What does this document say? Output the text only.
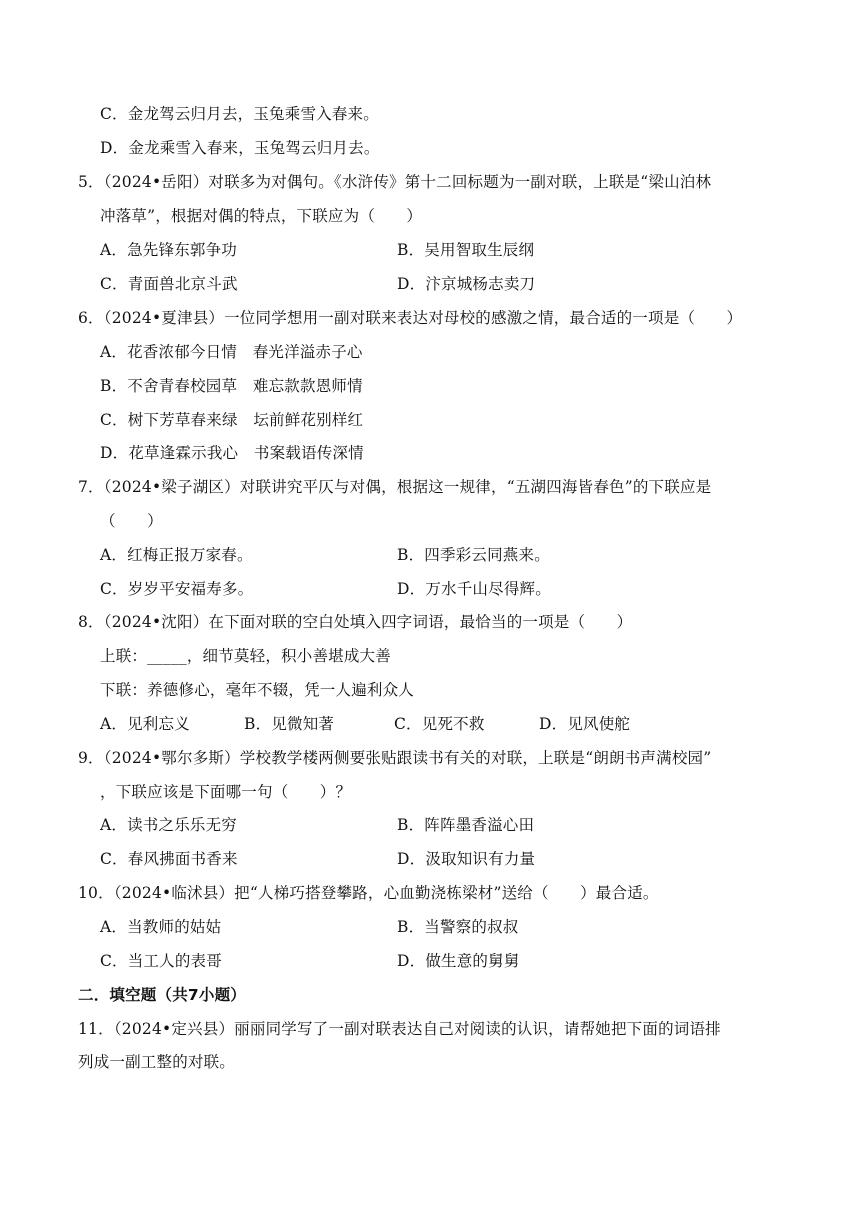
C．金龙驾云归月去，玉兔乘雪入春来。
D．金龙乘雪入春来，玉兔驾云归月去。
5．（2024•岳阳）对联多为对偶句。《水浒传》第十二回标题为一副对联，上联是“梁山泊林
冲落草”，根据对偶的特点，下联应为（　　）
A．急先锋东郭争功	B．吴用智取生辰纲
C．青面兽北京斗武	D．汴京城杨志卖刀
6．（2024•夏津县）一位同学想用一副对联来表达对母校的感激之情，最合适的一项是（　　）
A．花香浓郁今日情　春光洋溢赤子心
B．不舍青春校园草　难忘款款恩师情
C．树下芳草春来绿　坛前鲜花别样红
D．花草逢霖示我心　书案载语传深情
7．（2024•梁子湖区）对联讲究平仄与对偶，根据这一规律，“五湖四海皆春色”的下联应是
（　　）
A．红梅正报万家春。	B．四季彩云同燕来。
C．岁岁平安福寿多。	D．万水千山尽得辉。
8．（2024•沈阳）在下面对联的空白处填入四字词语，最恰当的一项是（　　）
上联：_____，细节莫轻，积小善堪成大善
下联：养德修心，毫年不辍，凭一人遍利众人
A．见利忘义	B．见微知著	C．见死不救	D．见风使舵
9．（2024•鄂尔多斯）学校教学楼两侧要张贴跟读书有关的对联，上联是“朗朗书声满校园”
，下联应该是下面哪一句（　　）？
A．读书之乐乐无穷	B．阵阵墨香溢心田
C．春风拂面书香来	D．汲取知识有力量
10．（2024•临沭县）把“人梯巧搭登攀路，心血勤浇栋梁材”送给（　　）最合适。
A．当教师的姑姑	B．当警察的叔叔
C．当工人的表哥	D．做生意的舅舅
二．填空题（共7小题）
11．（2024•定兴县）丽丽同学写了一副对联表达自己对阅读的认识，请帮她把下面的词语排
列成一副工整的对联。
